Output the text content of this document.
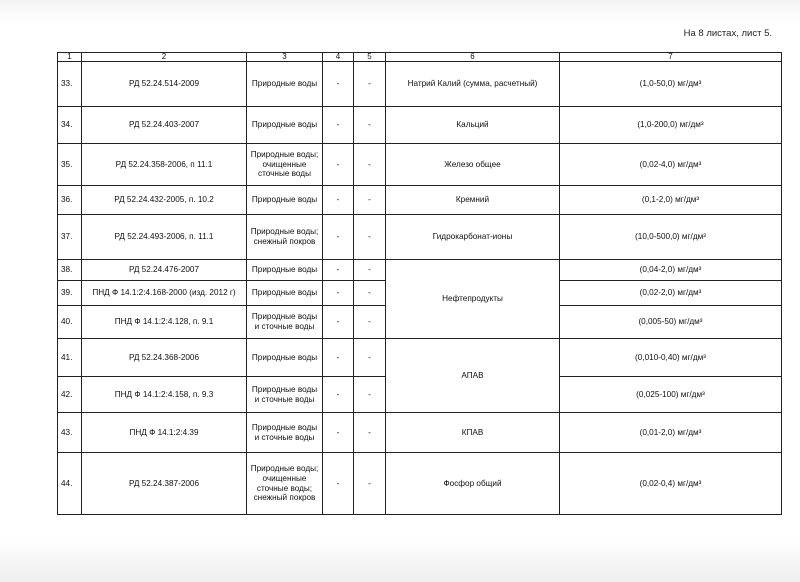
На 8 листах, лист 5.
1	2	3	4	5	6	7
33.	РД 52.24.514-2009	Природные воды	-	-	Натрий Калий (сумма, расчетный)	(1,0-50,0) мг/дм³
34.	РД 52.24.403-2007	Природные воды	-	-	Кальций	(1,0-200,0) мг/дм³
35.	РД 52.24.358-2006, п 11.1	Природные воды; очищенные сточные воды	-	-	Железо общее	(0,02-4,0) мг/дм³
36.	РД 52.24.432-2005, п. 10.2	Природные воды	-	-	Кремний	(0,1-2,0) мг/дм³
37.	РД 52.24.493-2006, п. 11.1	Природные воды; снежный покров	-	-	Гидрокарбонат-ионы	(10,0-500,0) мг/дм³
38.	РД 52.24.476-2007	Природные воды	-	-	Нефтепродукты	(0,04-2,0) мг/дм³
39.	ПНД Ф 14.1:2:4.168-2000 (изд. 2012 г)	Природные воды	-	-		(0,02-2,0) мг/дм³
40.	ПНД Ф 14.1:2:4.128, п. 9.1	Природные воды и сточные воды	-	-		(0,005-50) мг/дм³
41.	РД 52.24.368-2006	Природные воды	-	-	АПАВ	(0,010-0,40) мг/дм³
42.	ПНД Ф 14.1:2:4.158, п. 9.3	Природные воды и сточные воды	-	-		(0,025-100) мг/дм³
43.	ПНД Ф 14.1:2:4.39	Природные воды и сточные воды	-	-	КПАВ	(0,01-2,0) мг/дм³
44.	РД 52.24.387-2006	Природные воды; очищенные сточные воды; снежный покров	-	-	Фосфор общий	(0,02-0,4) мг/дм³
